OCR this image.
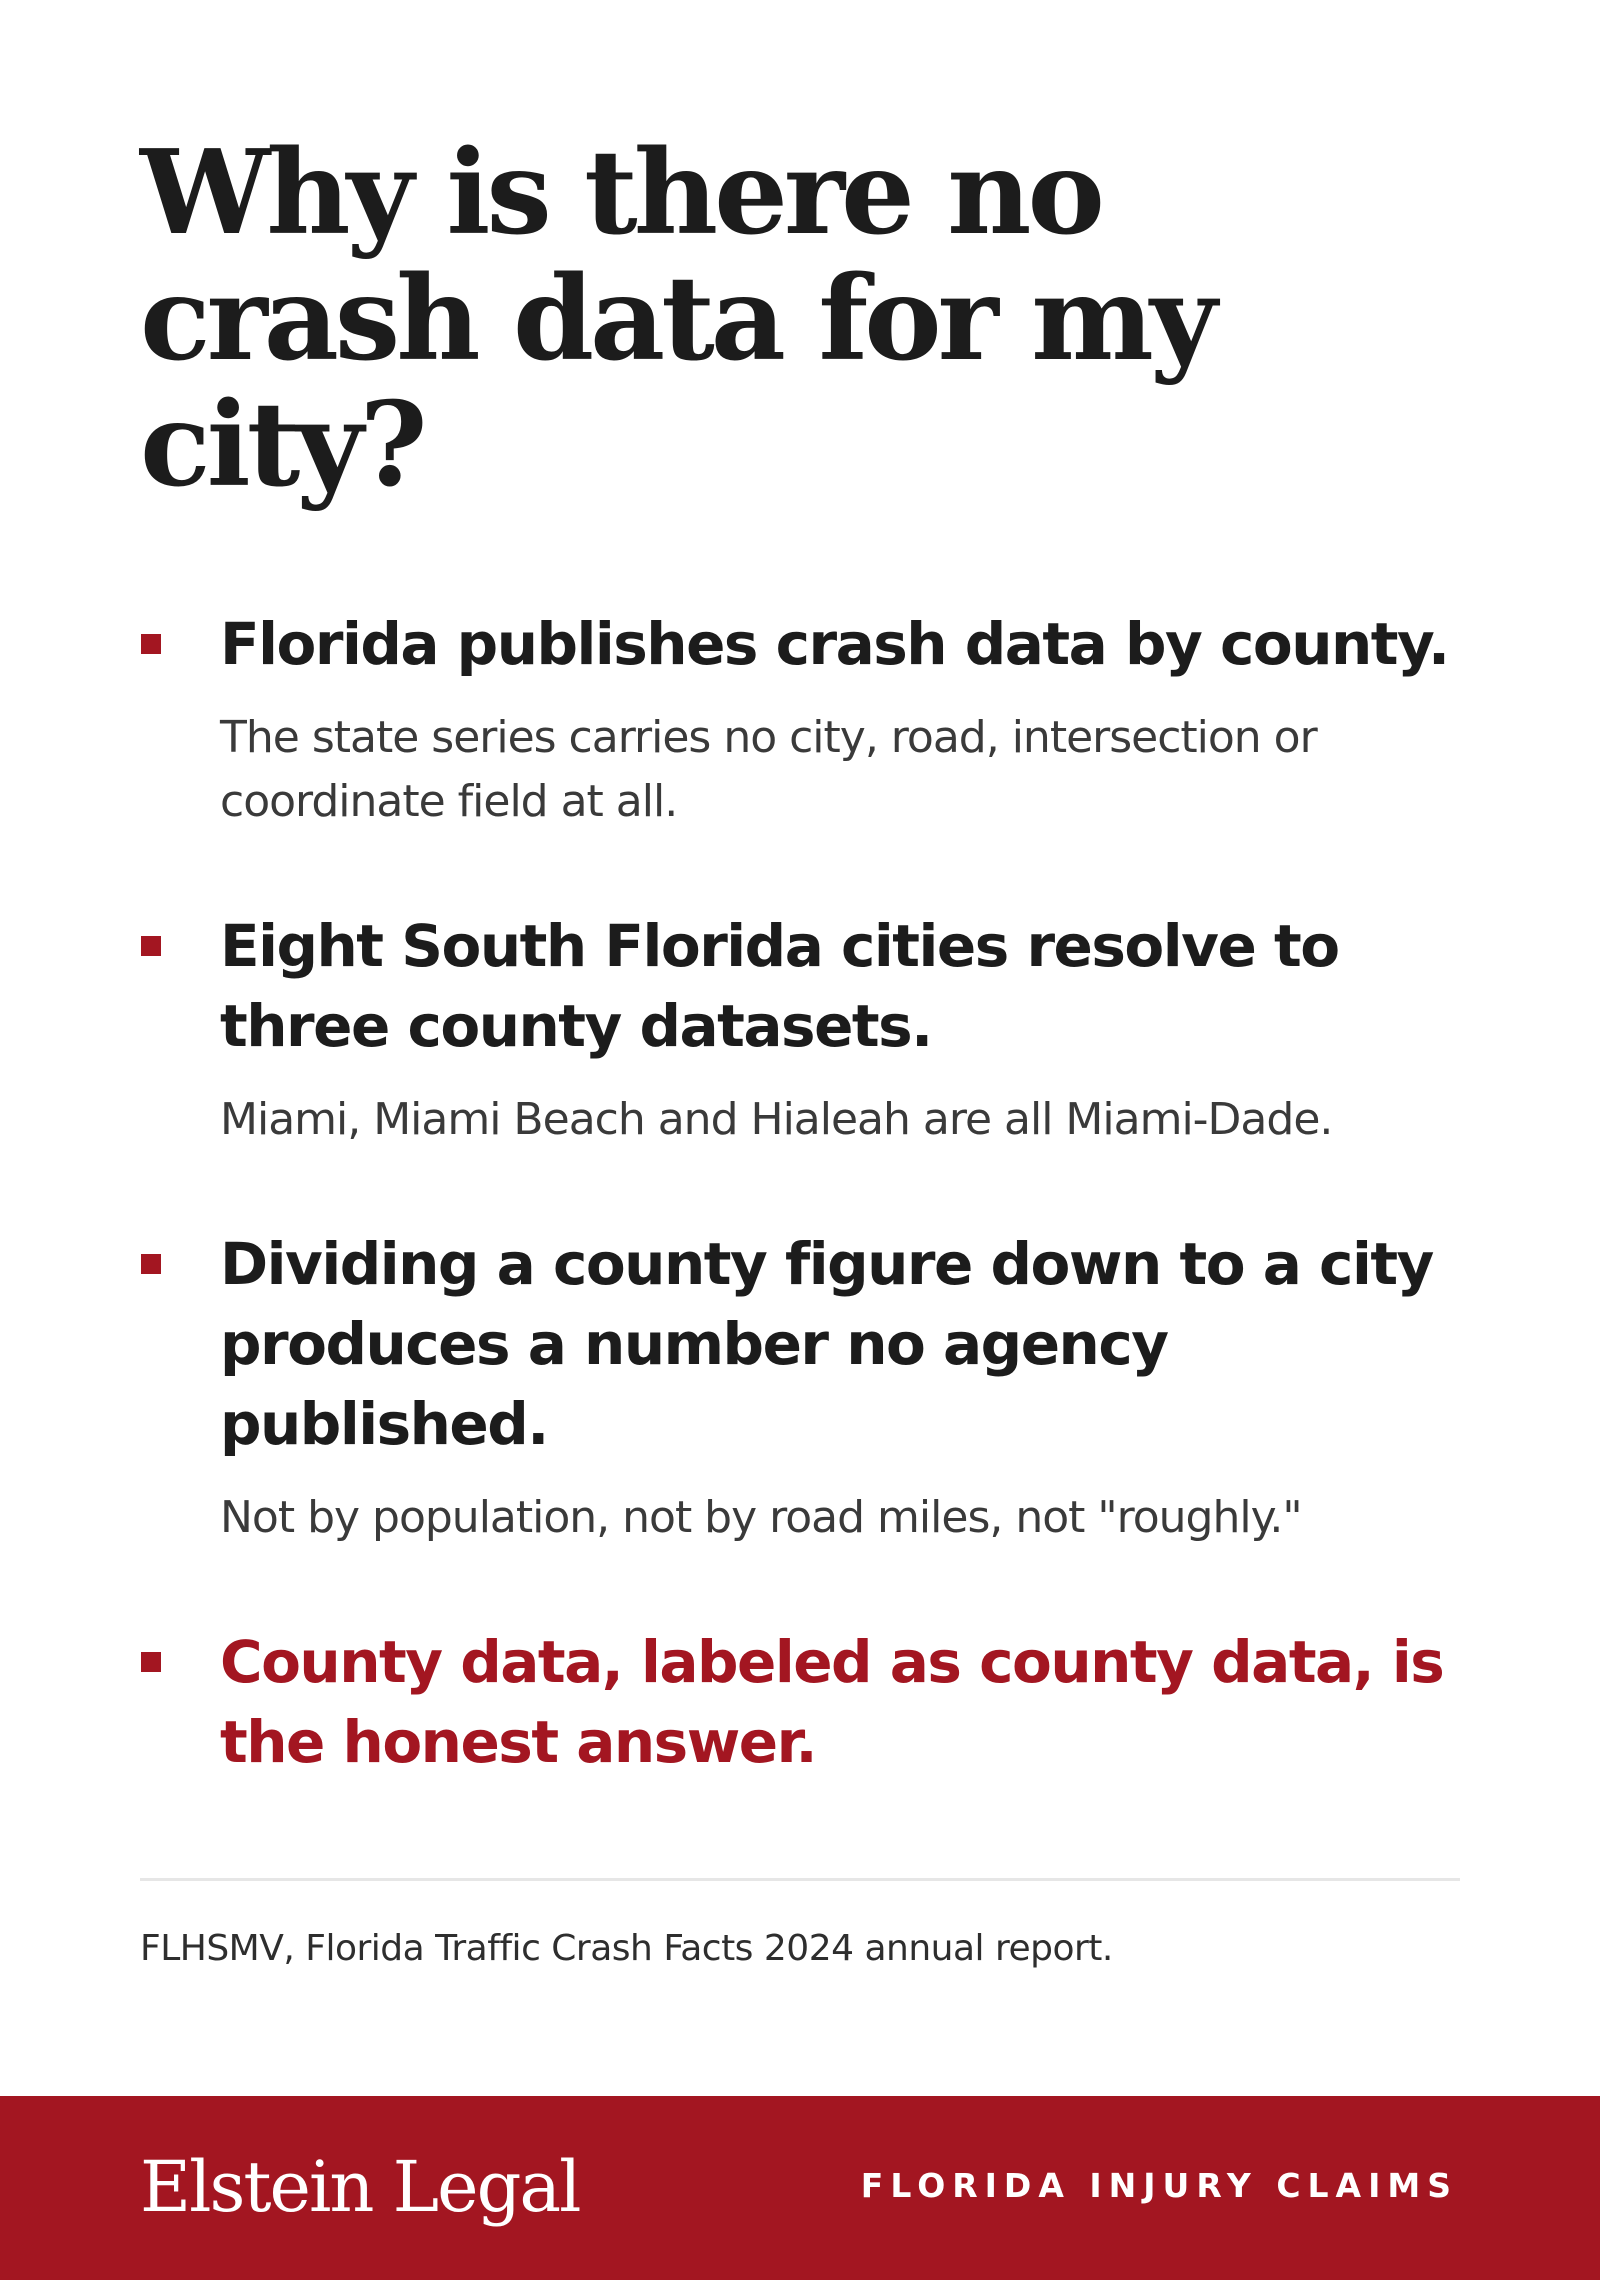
Why is there no crash data for my city?
Florida publishes crash data by county.

The state series carries no city, road, intersection or coordinate field at all.

Eight South Florida cities resolve to three county datasets.

Miami, Miami Beach and Hialeah are all Miami-Dade.

Dividing a county figure down to a city produces a number no agency published.

Not by population, not by road miles, not "roughly."

County data, labeled as county data, is the honest answer.

FLHSMV, Florida Traffic Crash Facts 2024 annual report.

Elstein Legal	FLORIDA INJURY CLAIMS
